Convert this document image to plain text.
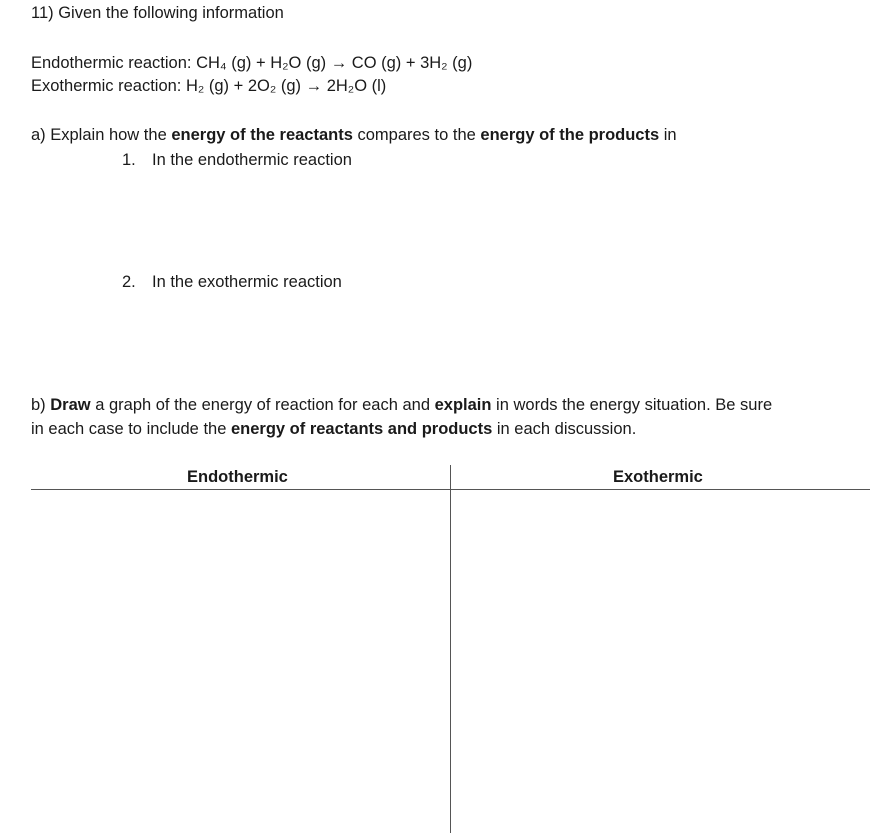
11) Given the following information
Endothermic reaction: CH₄ (g) + H₂O (g) → CO (g) + 3H₂ (g)
Exothermic reaction: H₂ (g) + 2O₂ (g) → 2H₂O (l)
a) Explain how the energy of the reactants compares to the energy of the products in
1. In the endothermic reaction
2. In the exothermic reaction
b) Draw a graph of the energy of reaction for each and explain in words the energy situation. Be sure
in each case to include the energy of reactants and products in each discussion.
Endothermic	Exothermic
